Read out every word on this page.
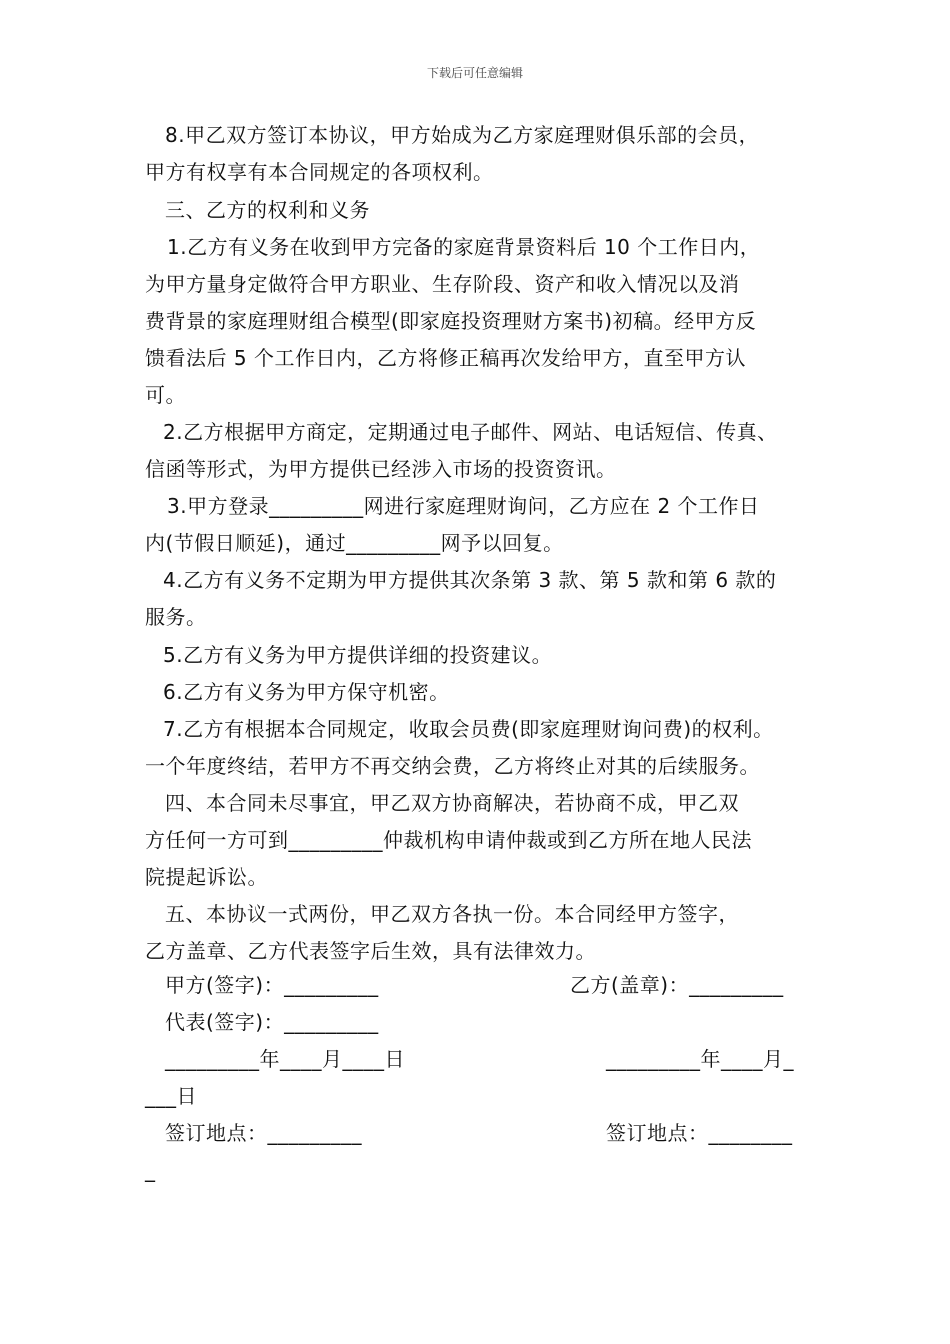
下载后可任意编辑
8.甲乙双方签订本协议，甲方始成为乙方家庭理财俱乐部的会员，
甲方有权享有本合同规定的各项权利。
三、乙方的权利和义务
1.乙方有义务在收到甲方完备的家庭背景资料后 10 个工作日内，
为甲方量身定做符合甲方职业、生存阶段、资产和收入情况以及消
费背景的家庭理财组合模型(即家庭投资理财方案书)初稿。经甲方反
馈看法后 5 个工作日内，乙方将修正稿再次发给甲方，直至甲方认
可。
2.乙方根据甲方商定，定期通过电子邮件、网站、电话短信、传真、
信函等形式，为甲方提供已经涉入市场的投资资讯。
3.甲方登录_________网进行家庭理财询问，乙方应在 2 个工作日
内(节假日顺延)，通过_________网予以回复。
4.乙方有义务不定期为甲方提供其次条第 3 款、第 5 款和第 6 款的
服务。
5.乙方有义务为甲方提供详细的投资建议。
6.乙方有义务为甲方保守机密。
7.乙方有根据本合同规定，收取会员费(即家庭理财询问费)的权利。
一个年度终结，若甲方不再交纳会费，乙方将终止对其的后续服务。
四、本合同未尽事宜，甲乙双方协商解决，若协商不成，甲乙双
方任何一方可到_________仲裁机构申请仲裁或到乙方所在地人民法
院提起诉讼。
五、本协议一式两份，甲乙双方各执一份。本合同经甲方签字，
乙方盖章、乙方代表签字后生效，具有法律效力。
甲方(签字)：_________	乙方(盖章)：_________
代表(签字)：_________
_________年____月____日	_________年____月_
___日
签订地点：_________	签订地点：________
_
